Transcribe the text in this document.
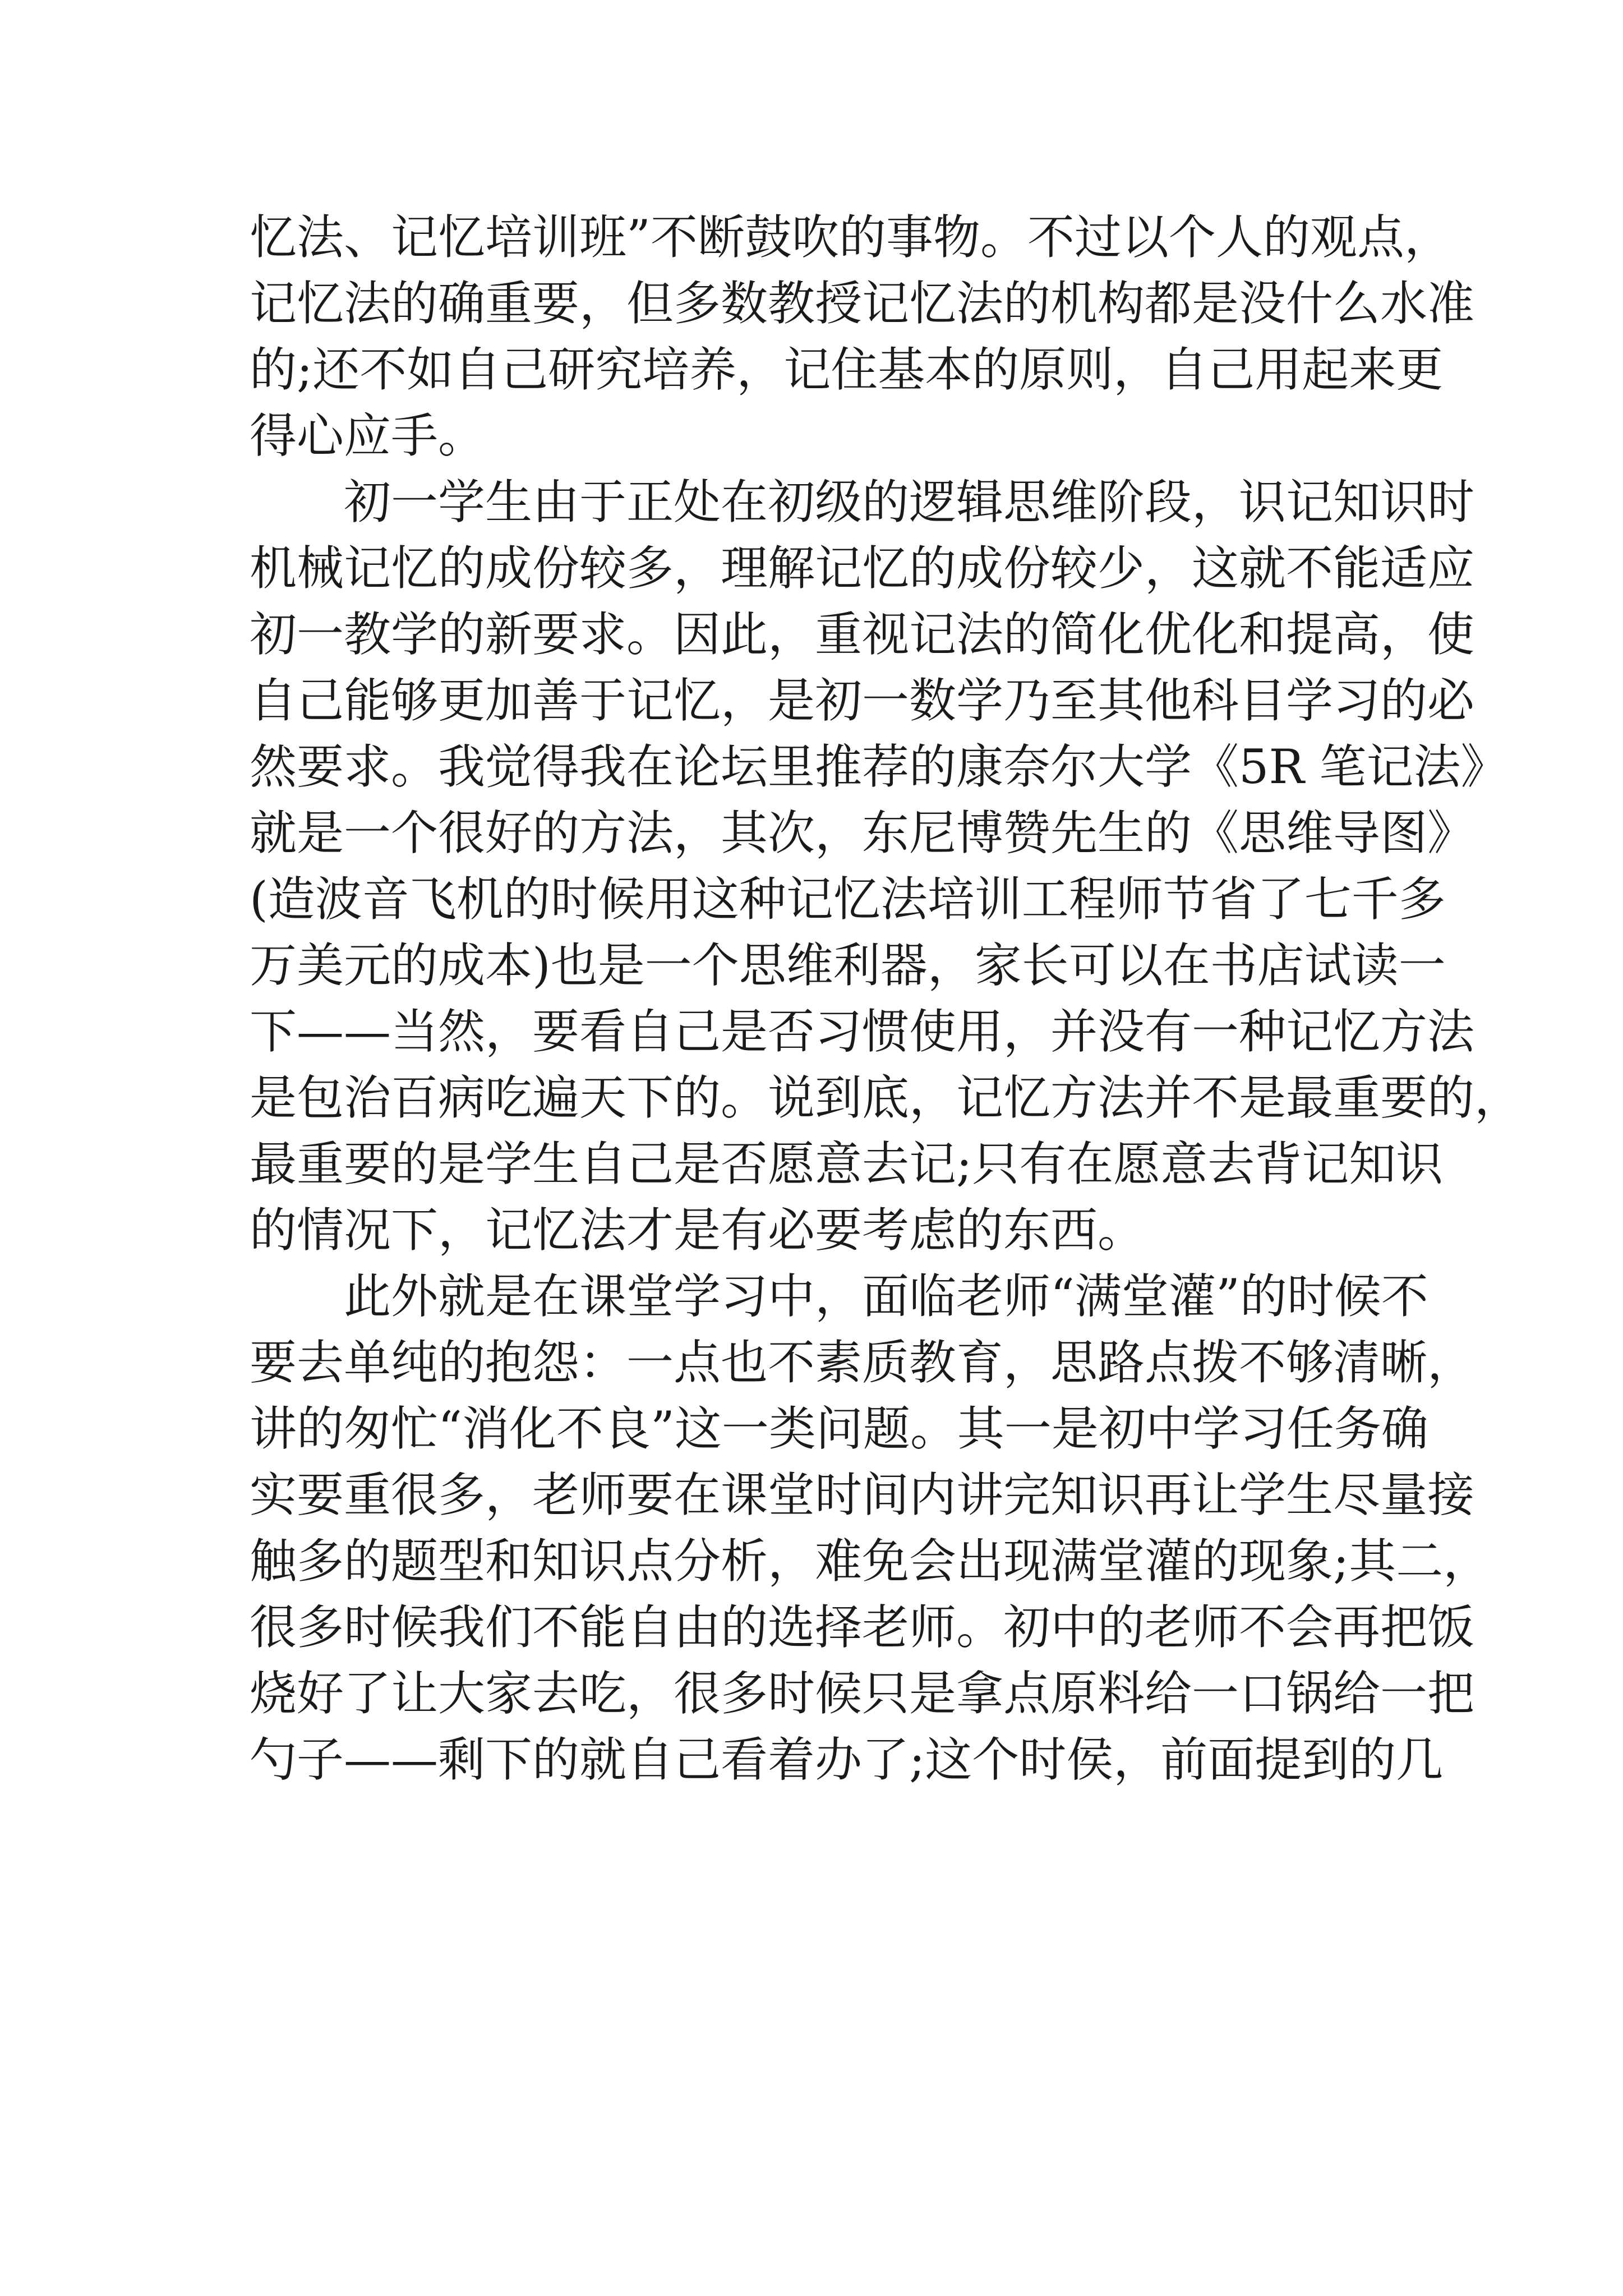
忆法、记忆培训班”不断鼓吹的事物。不过以个人的观点，
记忆法的确重要，但多数教授记忆法的机构都是没什么水准
的;还不如自己研究培养，记住基本的原则，自己用起来更
得心应手。
初一学生由于正处在初级的逻辑思维阶段，识记知识时
机械记忆的成份较多，理解记忆的成份较少，这就不能适应
初一教学的新要求。因此，重视记法的简化优化和提高，使
自己能够更加善于记忆，是初一数学乃至其他科目学习的必
然要求。我觉得我在论坛里推荐的康奈尔大学《5R 笔记法》
就是一个很好的方法，其次，东尼博赞先生的《思维导图》
(造波音飞机的时候用这种记忆法培训工程师节省了七千多
万美元的成本)也是一个思维利器，家长可以在书店试读一
下——当然，要看自己是否习惯使用，并没有一种记忆方法
是包治百病吃遍天下的。说到底，记忆方法并不是最重要的，
最重要的是学生自己是否愿意去记;只有在愿意去背记知识
的情况下，记忆法才是有必要考虑的东西。
此外就是在课堂学习中，面临老师“满堂灌”的时候不
要去单纯的抱怨：一点也不素质教育，思路点拨不够清晰，
讲的匆忙“消化不良”这一类问题。其一是初中学习任务确
实要重很多，老师要在课堂时间内讲完知识再让学生尽量接
触多的题型和知识点分析，难免会出现满堂灌的现象;其二，
很多时候我们不能自由的选择老师。初中的老师不会再把饭
烧好了让大家去吃，很多时候只是拿点原料给一口锅给一把
勺子——剩下的就自己看着办了;这个时侯，前面提到的几
